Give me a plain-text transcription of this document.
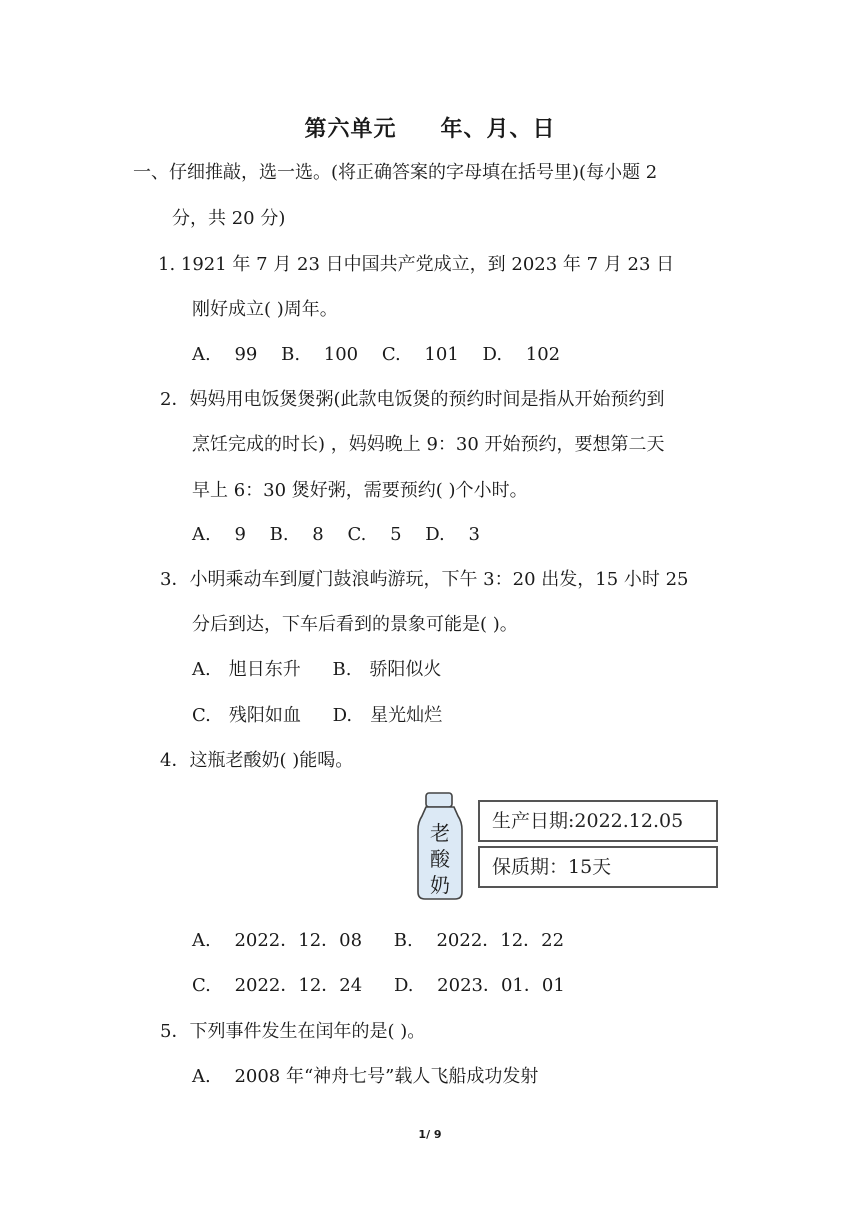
第六单元 年、月、日
一、仔细推敲，选一选。(将正确答案的字母填在括号里)(每小题 2
分，共 20 分)
1. 1921 年 7 月 23 日中国共产党成立，到 2023 年 7 月 23 日
刚好成立( )周年。
A.　 99 B.　 100 C.　 101 D.　 102
2．妈妈用电饭煲煲粥(此款电饭煲的预约时间是指从开始预约到
烹饪完成的时长) ，妈妈晚上 9：30 开始预约，要想第二天
早上 6：30 煲好粥，需要预约( )个小时。
A.　 9 B.　 8 C.　 5 D.　 3
3．小明乘动车到厦门鼓浪屿游玩，下午 3：20 出发，15 小时 25
分后到达，下车后看到的景象可能是( )。
A.　旭日东升 B.　骄阳似火
C.　残阳如血 D.　星光灿烂
4．这瓶老酸奶( )能喝。
老
酸
奶
生产日期:2022.12.05
保质期：15天
A.　 2022．12．08 B.　 2022．12．22
C.　 2022．12．24 D.　 2023．01．01
5．下列事件发生在闰年的是( )。
A.　 2008 年“神舟七号”载人飞船成功发射
1/ 9
